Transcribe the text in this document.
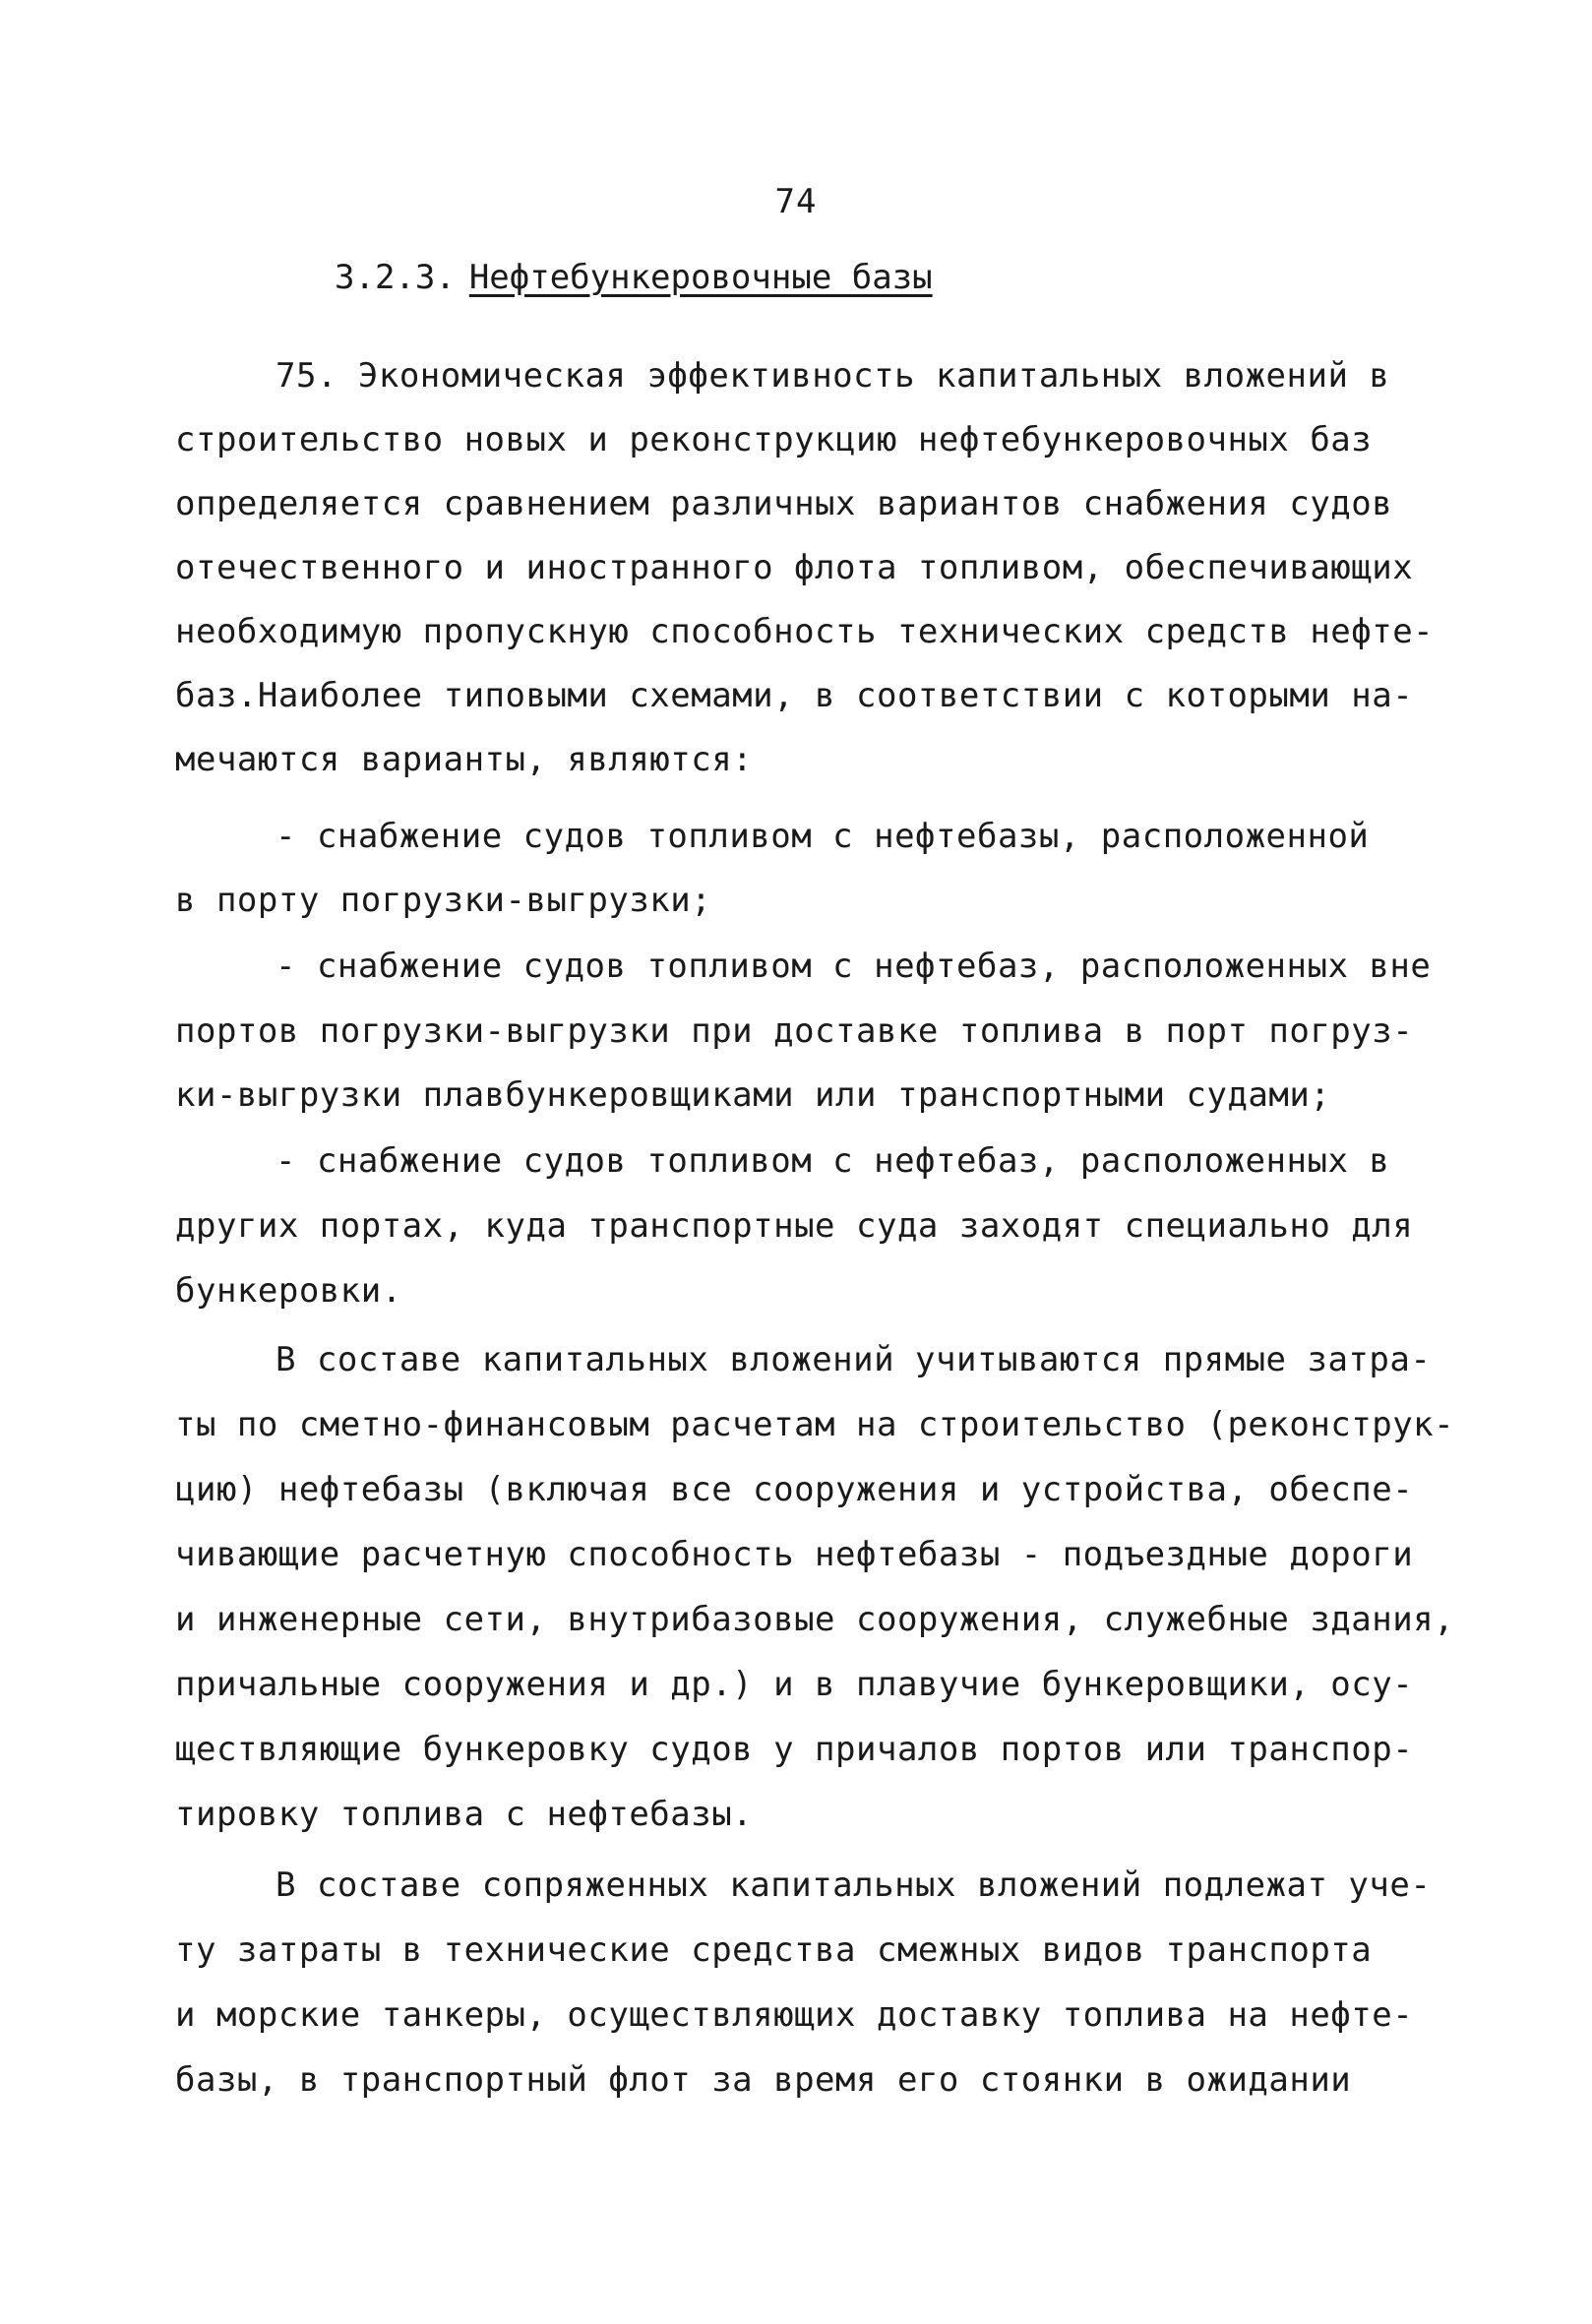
74
3.2.3. Нефтебункеровочные базы
75. Экономическая эффективность капитальных вложений в
строительство новых и реконструкцию нефтебункеровочных баз
определяется сравнением различных вариантов снабжения судов
отечественного и иностранного флота топливом, обеспечивающих
необходимую пропускную способность технических средств нефте-
баз.Наиболее типовыми схемами, в соответствии с которыми на-
мечаются варианты, являются:
- снабжение судов топливом с нефтебазы, расположенной
в порту погрузки-выгрузки;
- снабжение судов топливом с нефтебаз, расположенных вне
портов погрузки-выгрузки при доставке топлива в порт погруз-
ки-выгрузки плавбункеровщиками или транспортными судами;
- снабжение судов топливом с нефтебаз, расположенных в
других портах, куда транспортные суда заходят специально для
бункеровки.
В составе капитальных вложений учитываются прямые затра-
ты по сметно-финансовым расчетам на строительство (реконструк-
цию) нефтебазы (включая все сооружения и устройства, обеспе-
чивающие расчетную способность нефтебазы - подъездные дороги
и инженерные сети, внутрибазовые сооружения, служебные здания,
причальные сооружения и др.) и в плавучие бункеровщики, осу-
ществляющие бункеровку судов у причалов портов или транспор-
тировку топлива с нефтебазы.
В составе сопряженных капитальных вложений подлежат уче-
ту затраты в технические средства смежных видов транспорта
и морские танкеры, осуществляющих доставку топлива на нефте-
базы, в транспортный флот за время его стоянки в ожидании
